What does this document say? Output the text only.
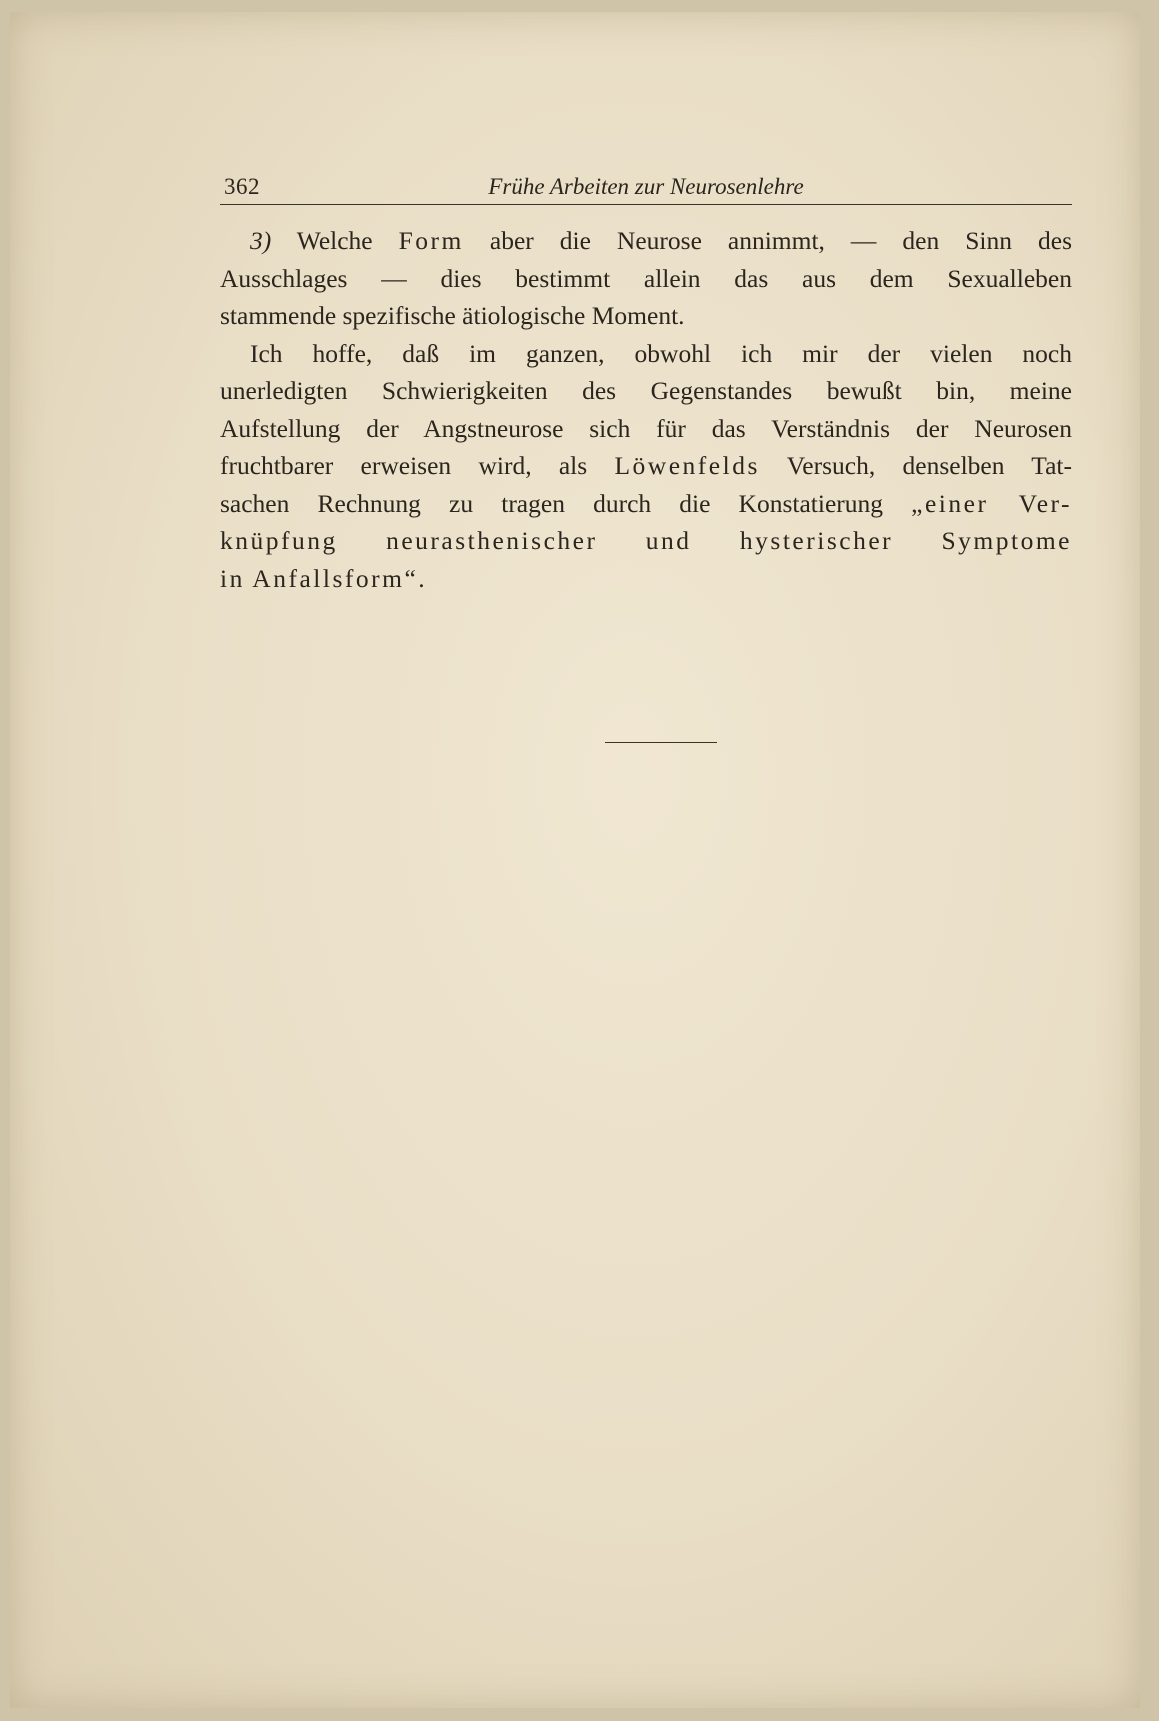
362	Frühe Arbeiten zur Neurosenlehre

3) Welche Form aber die Neurose annimmt, — den Sinn des
Ausschlages — dies bestimmt allein das aus dem Sexualleben
stammende spezifische ätiologische Moment.

Ich hoffe, daß im ganzen, obwohl ich mir der vielen noch
unerledigten Schwierigkeiten des Gegenstandes bewußt bin, meine
Aufstellung der Angstneurose sich für das Verständnis der Neurosen
fruchtbarer erweisen wird, als Löwenfelds Versuch, denselben Tat-
sachen Rechnung zu tragen durch die Konstatierung „einer Ver-
knüpfung neurasthenischer und hysterischer Symptome
in Anfallsform“.
